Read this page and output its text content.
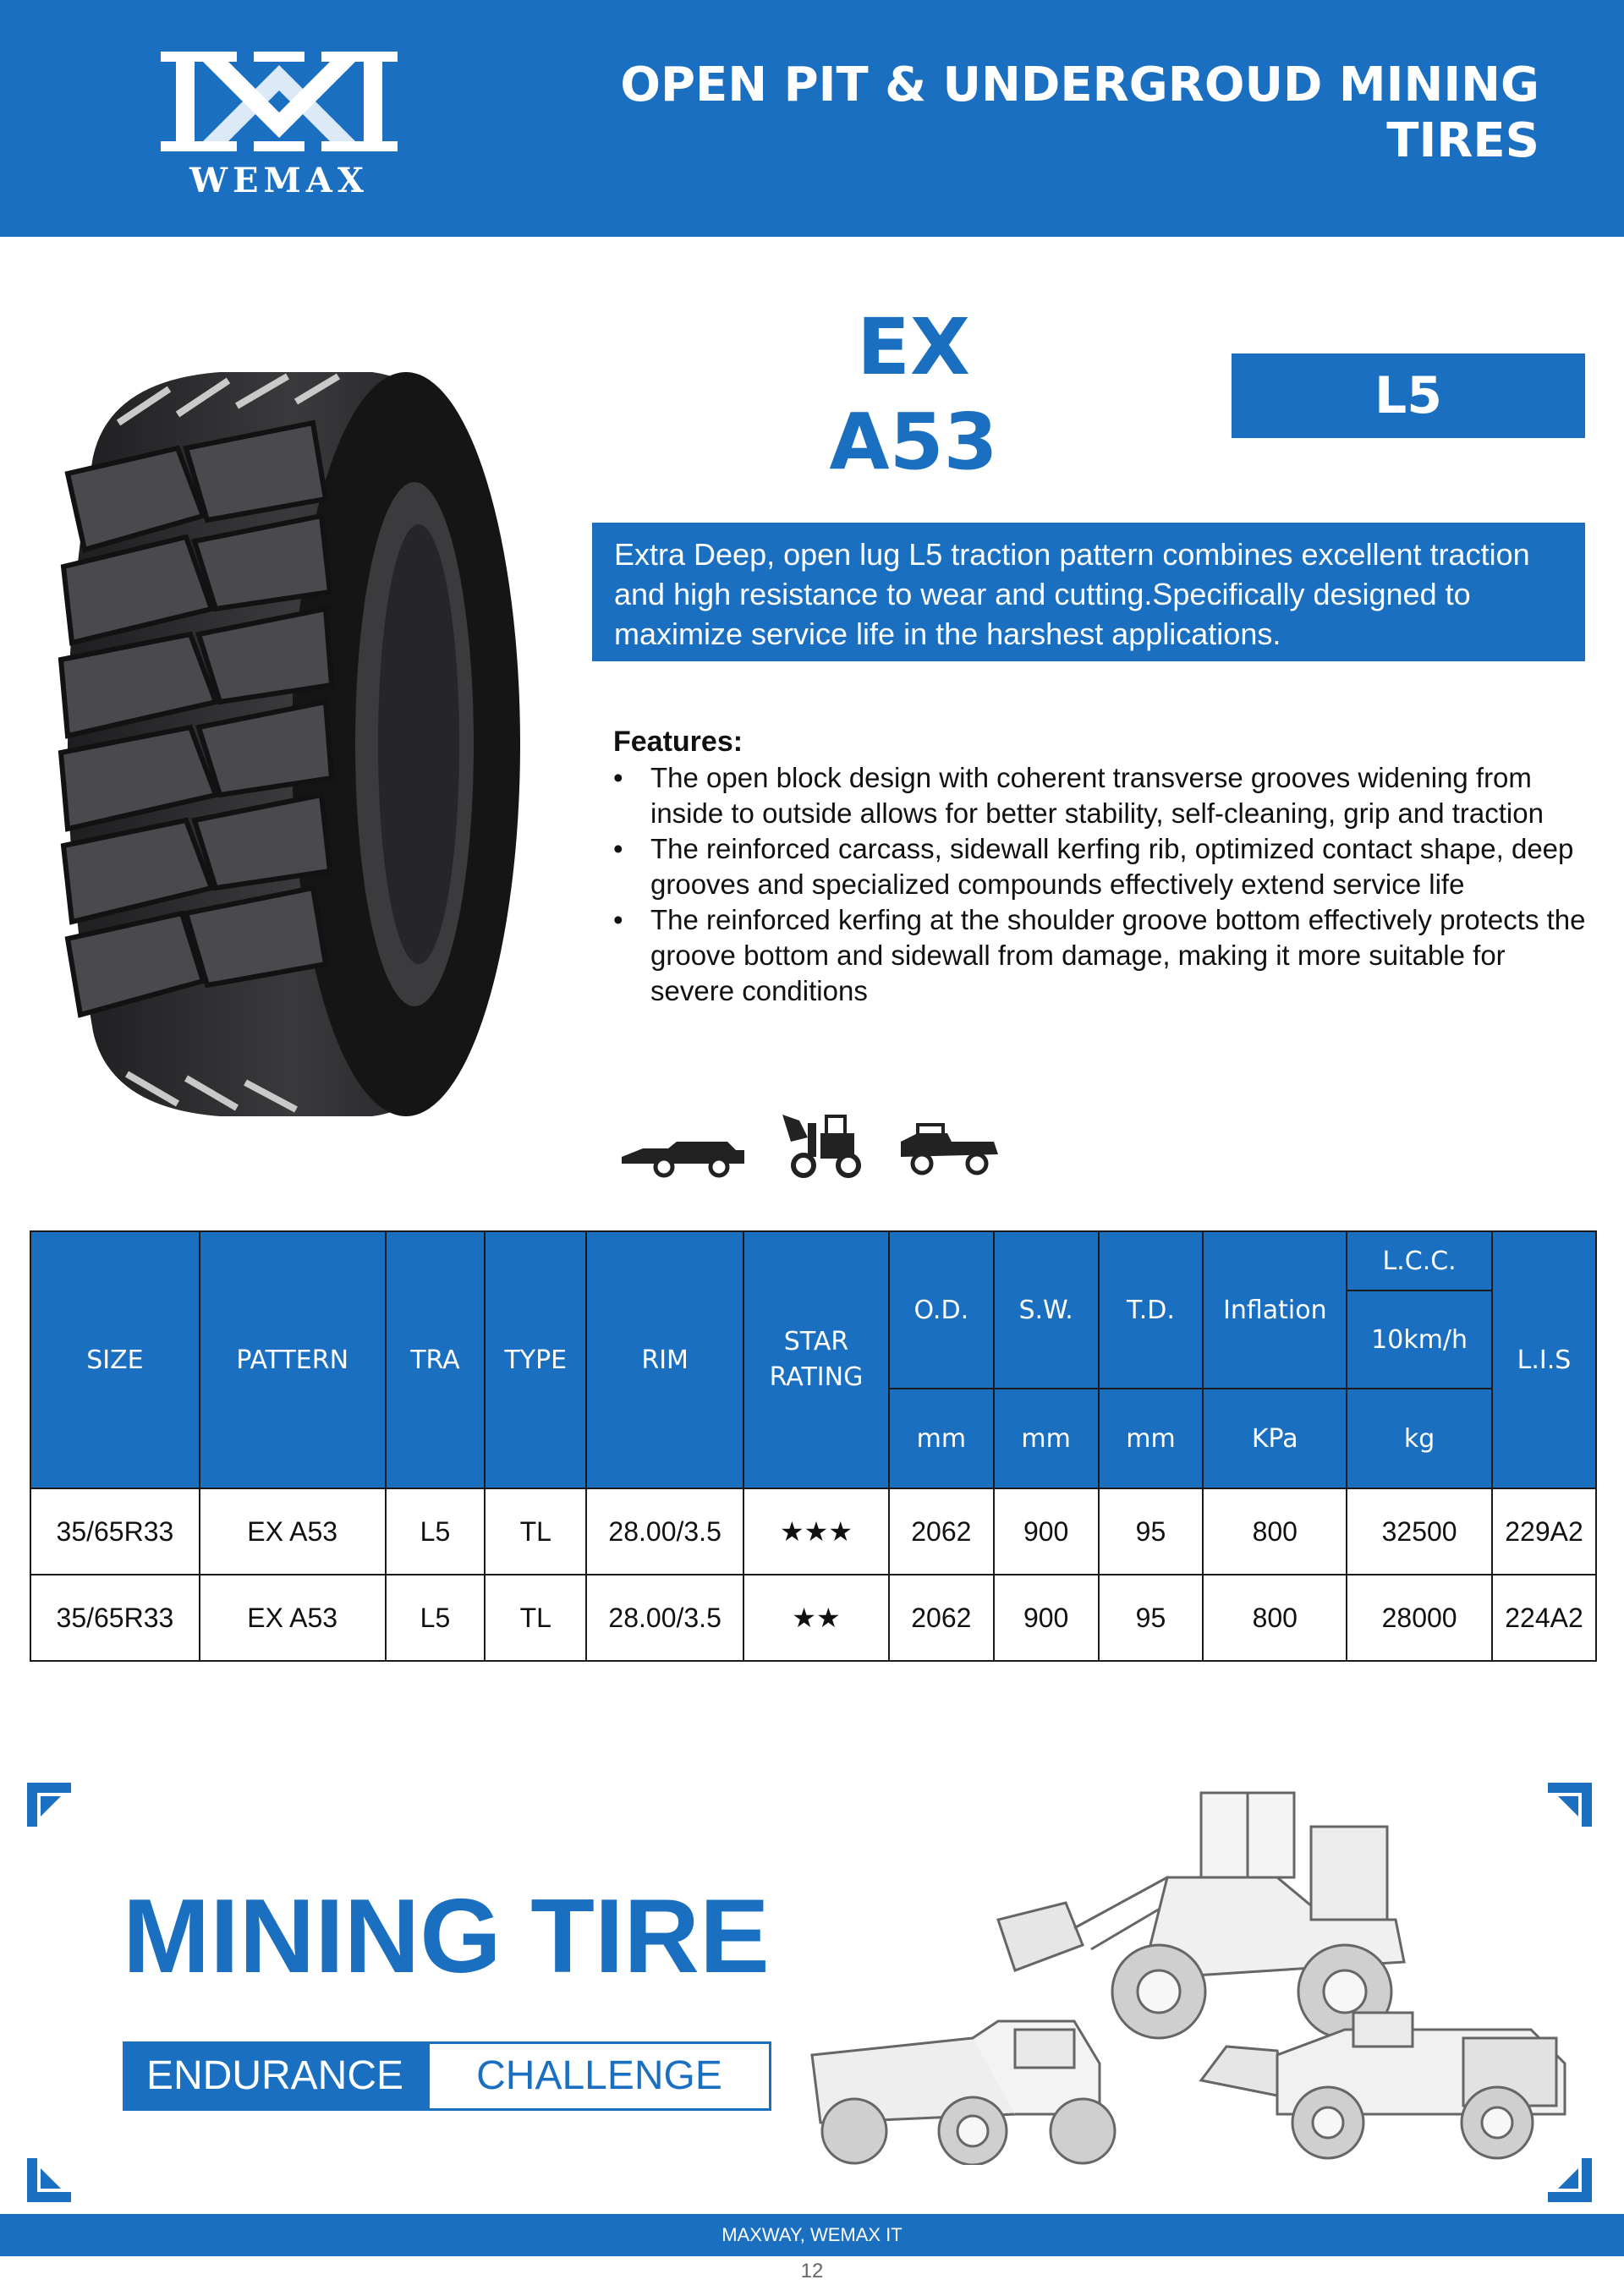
WEMAX
OPEN PIT & UNDERGROUD MINING
TIRES
EX
A53
L5
Extra Deep, open lug L5 traction pattern combines excellent traction and high resistance to wear and cutting.Specifically designed to maximize service life in the harshest applications.
Features:
• The open block design with coherent transverse grooves widening from inside to outside allows for better stability, self-cleaning, grip and traction
• The reinforced carcass, sidewall kerfing rib, optimized contact shape, deep grooves and specialized compounds effectively extend service life
• The reinforced kerfing at the shoulder groove bottom effectively protects the groove bottom and sidewall from damage, making it more suitable for severe conditions
SIZE	PATTERN	TRA	TYPE	RIM	STAR RATING	O.D.	S.W.	T.D.	Inflation	L.C.C.	L.I.S
										10km/h	
						mm	mm	mm	KPa	kg	
35/65R33	EX A53	L5	TL	28.00/3.5	★★★	2062	900	95	800	32500	229A2
35/65R33	EX A53	L5	TL	28.00/3.5	★★	2062	900	95	800	28000	224A2
MINING TIRE
ENDURANCE	CHALLENGE
MAXWAY, WEMAX IT
12
